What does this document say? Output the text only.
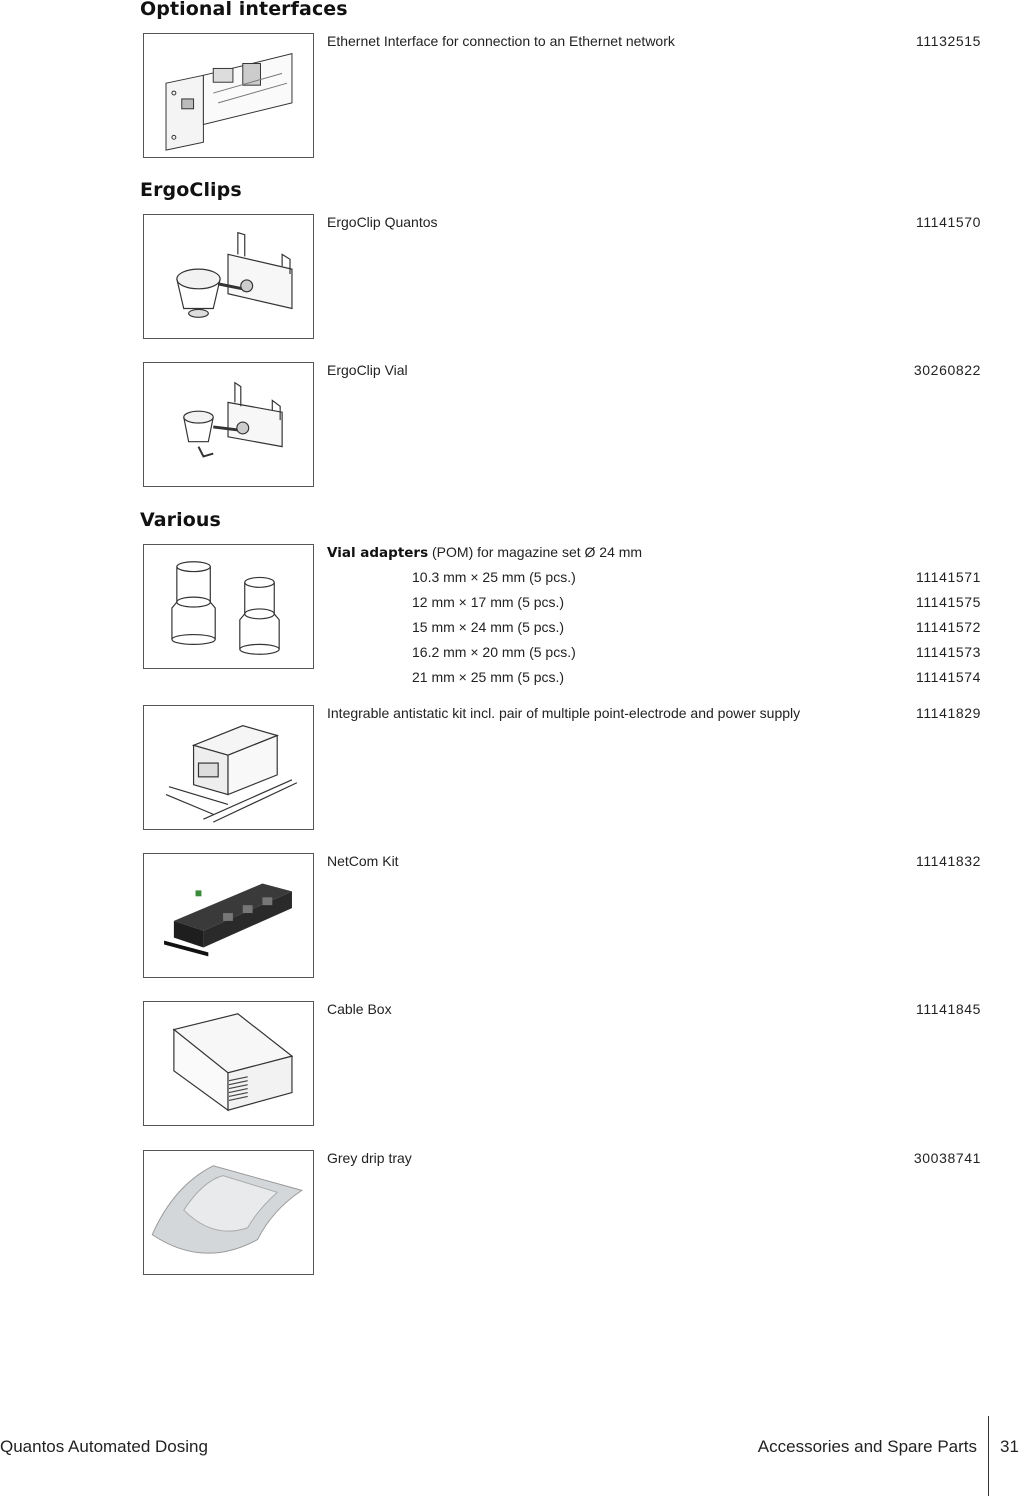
Optional interfaces
Ethernet Interface for connection to an Ethernet network	11132515
ErgoClips
ErgoClip Quantos	11141570
ErgoClip Vial	30260822
Various
Vial adapters (POM) for magazine set Ø 24 mm
10.3 mm × 25 mm (5 pcs.)	11141571
12 mm × 17 mm (5 pcs.)	11141575
15 mm × 24 mm (5 pcs.)	11141572
16.2 mm × 20 mm (5 pcs.)	11141573
21 mm × 25 mm (5 pcs.)	11141574
Integrable antistatic kit incl. pair of multiple point-electrode and power supply	11141829
NetCom Kit	11141832
Cable Box	11141845
Grey drip tray	30038741
Quantos Automated Dosing	Accessories and Spare Parts 31
